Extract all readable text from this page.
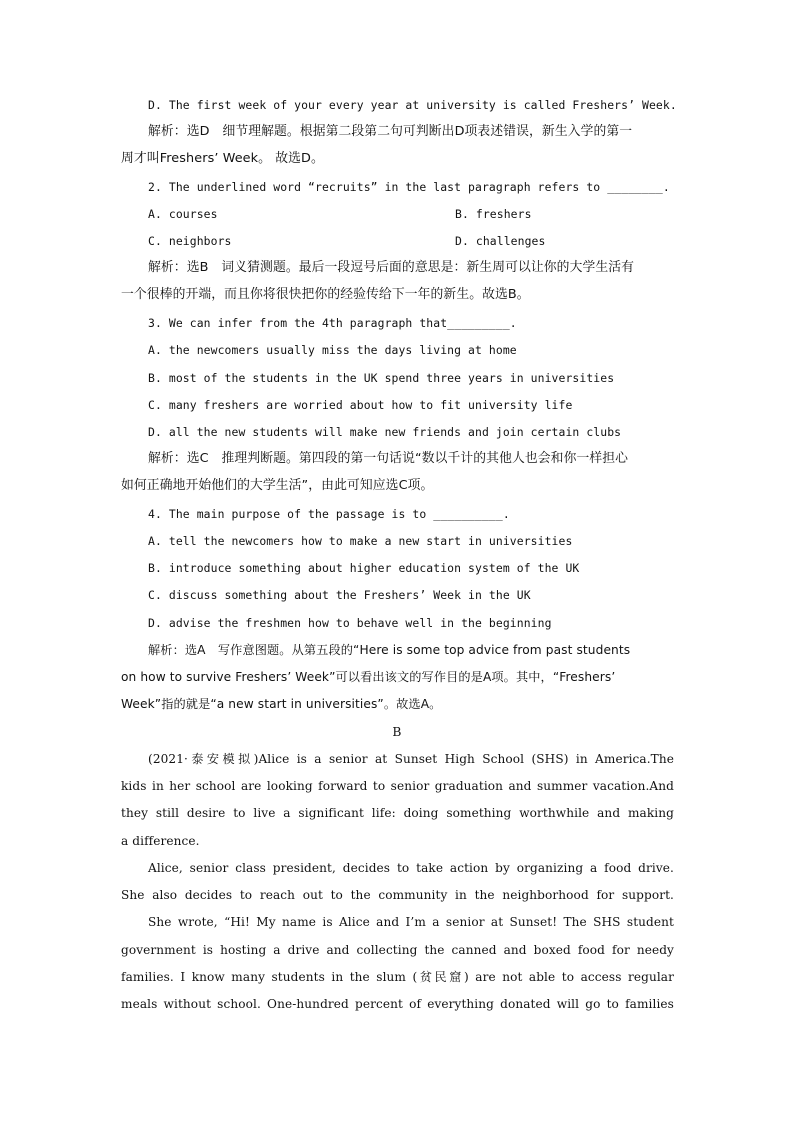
D. The first week of your every year at university is called Freshers’ Week.

解析：选D　细节理解题。根据第二段第二句可判断出D项表述错误，新生入学的第一

周才叫Freshers’ Week。 故选D。

2. The underlined word “recruits” in the last paragraph refers to ________.

A. courses	B. freshers

C. neighbors	D. challenges

解析：选B　词义猜测题。最后一段逗号后面的意思是：新生周可以让你的大学生活有

一个很棒的开端，而且你将很快把你的经验传给下一年的新生。故选B。

3. We can infer from the 4th paragraph that_________.

A. the newcomers usually miss the days living at home

B. most of the students in the UK spend three years in universities

C. many freshers are worried about how to fit university life

D. all the new students will make new friends and join certain clubs

解析：选C　推理判断题。第四段的第一句话说“数以千计的其他人也会和你一样担心

如何正确地开始他们的大学生活”，由此可知应选C项。

4. The main purpose of the passage is to __________.

A. tell the newcomers how to make a new start in universities

B. introduce something about higher education system of the UK

C. discuss something about the Freshers’ Week in the UK

D. advise the freshmen how to behave well in the beginning

解析：选A　写作意图题。从第五段的“Here is some top advice from past students

on how to survive Freshers’ Week”可以看出该文的写作目的是A项。其中，“Freshers’

Week”指的就是“a new start in universities”。故选A。

B

(2021·泰安模拟)Alice is a senior at Sunset High School (SHS) in America.The

kids in her school are looking forward to senior graduation and summer vacation.And

they still desire to live a significant life: doing something worthwhile and making

a difference.

Alice, senior class president, decides to take action by organizing a food drive.

She also decides to reach out to the community in the neighborhood for support.

She wrote, “Hi! My name is Alice and I’m a senior at Sunset! The SHS student

government is hosting a drive and collecting the canned and boxed food for needy

families. I know many students in the slum (贫民窟) are not able to access regular

meals without school. One-hundred percent of everything donated will go to families
